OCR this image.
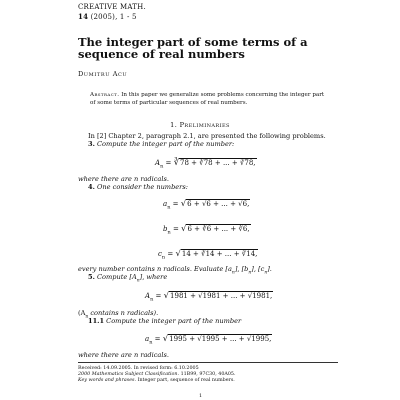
CREATIVE MATH.
14 (2005), 1 - 5
The integer part of some terms of a sequence of real numbers
Dumitru Acu
Abstract. In this paper we generalize some problems concerning the integer part of some terms of particular sequences of real numbers.
1. Preliminaries
In [2] Chapter 2, paragraph 2.1, are presented the following problems.
3. Compute the integer part of the number:
$A_n$ = ∛78 + ∛78 + ... + ∛78,
where there are n radicals.
4. One consider the numbers:
$a_n = √6 + √6$ + ... + √6,
$b_n = √6$ + ∛6 + ... + ∛6,
$c_n = √14$ + ∛14 + ... + ∛14,
every number contains n radicals. Evaluate $[a_n]$, $[b_n]$, $[c_n]$.
5. Compute $[A_n]$, where
$A_n = √1981 + √1981$ + ... + √1981,
($A_n$ contains n radicals).
11.1 Compute the integer part of the number
$a_n = √1995 + √1995$ + ... + √1995,
where there are n radicals.
Received: 14.09.2005. In revised form: 6.10.2005
2000 Mathematics Subject Classification. 11B99, 97C30, 40A05.
Key words and phrases. Integer part, sequence of real numbers.
1
